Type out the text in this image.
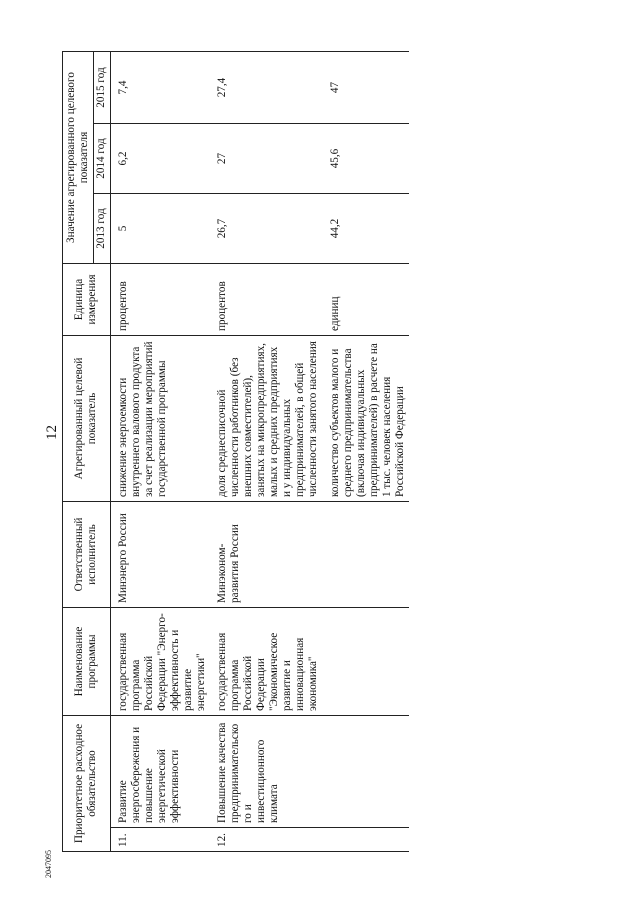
12
2047095
Приоритетное расходное обязательство		Наименование программы	Ответственный исполнитель	Агрегированный целевой показатель	Единица измерения	Значение агрегированного целевого показателя		
						2013 год	2014 год	2015 год
11.	Развитие энергосбережения и повышение энергетической эффективности	государственная программа Российской Федерации "Энерго-эффективность и развитие энергетики"	Минэнерго России	снижение энергоемкости внутреннего валового продукта за счет реализации мероприятий государственной программы	процентов	5	6,2	7,4
12.	Повышение качества предпринимательского и инвестиционного климата	государственная программа Российской Федерации "Экономическое развитие и инновационная экономика"	Минэконом-развития России	доля среднесписочной численности работников (без внешних совместителей), занятых на микропредприятиях, малых и средних предприятиях и у индивидуальных предпринимателей, в общей численности занятого населения	процентов	26,7	27	27,4
				количество субъектов малого и среднего предпринимательства (включая индивидуальных предпринимателей) в расчете на 1 тыс. человек населения Российской Федерации	единиц	44,2	45,6	47
